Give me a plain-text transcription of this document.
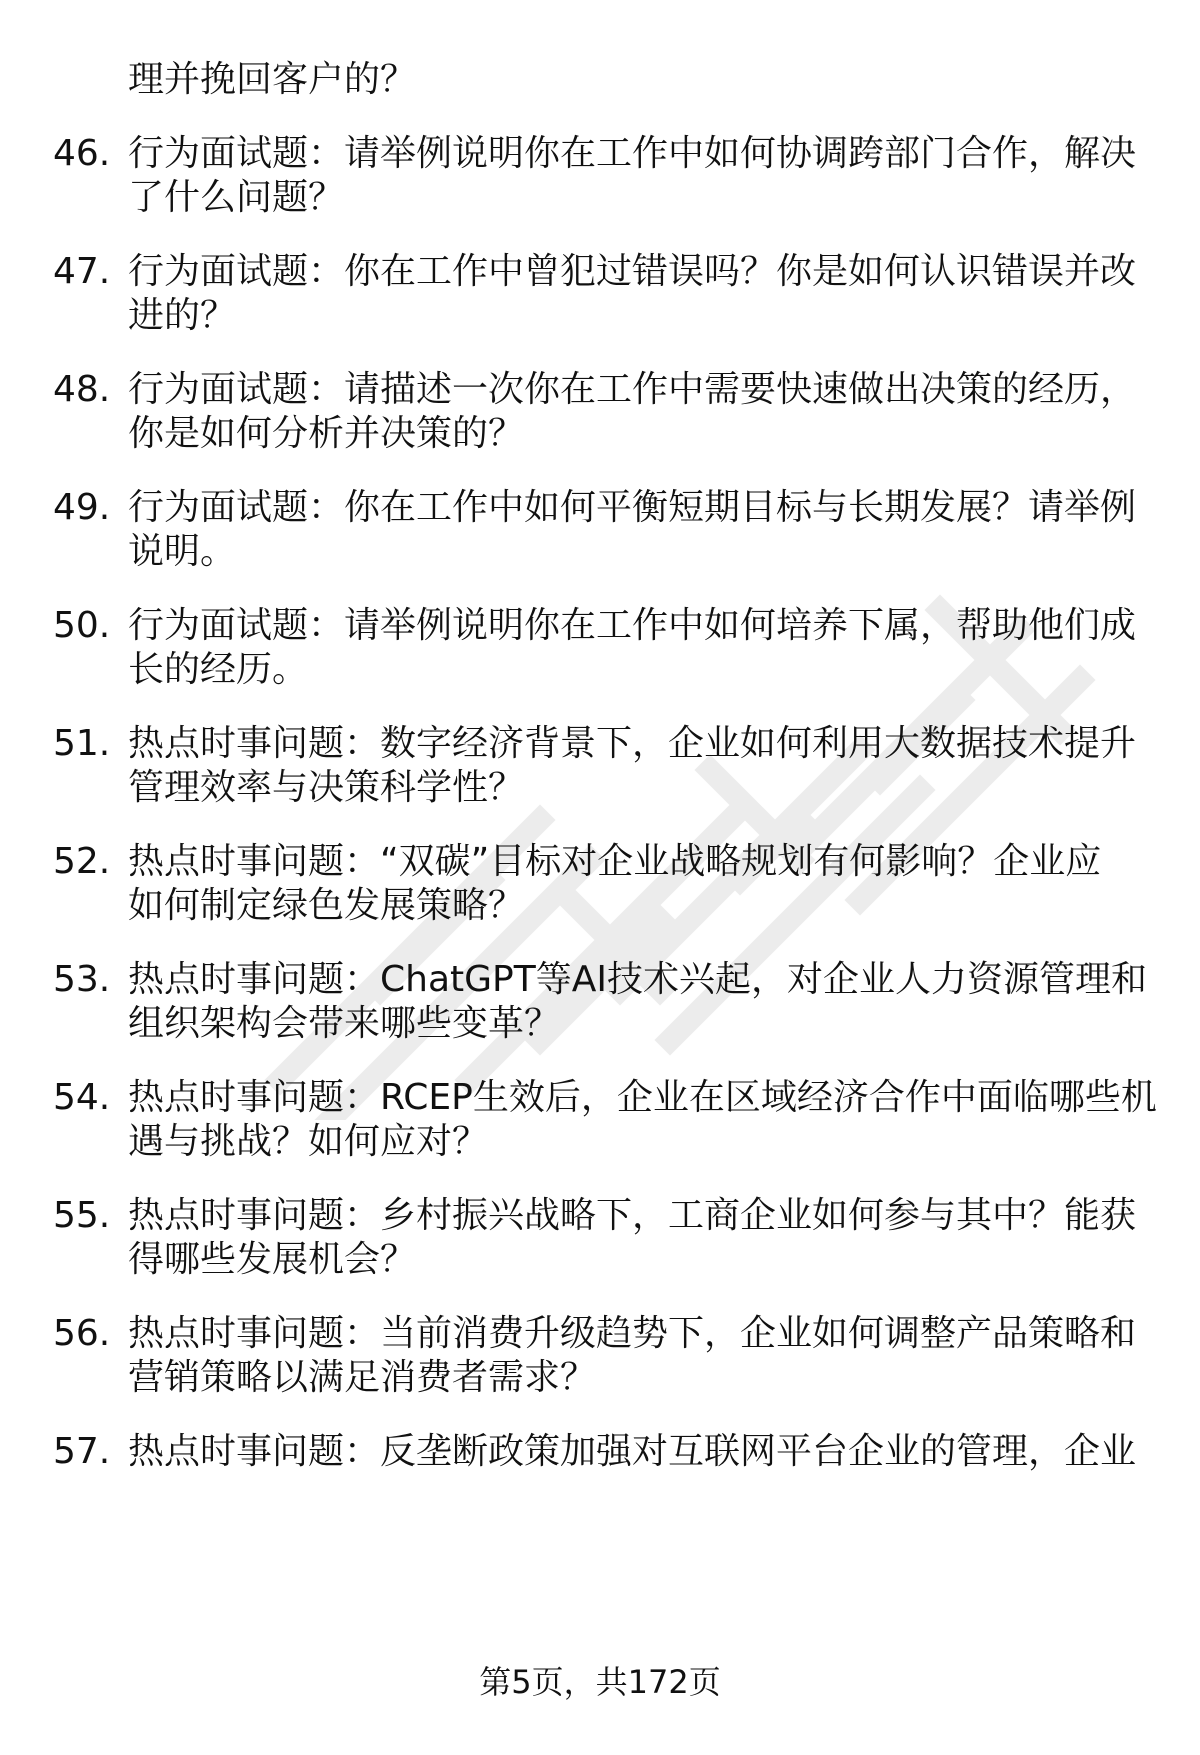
理并挽回客户的？
46. 行为面试题：请举例说明你在工作中如何协调跨部门合作，解决
了什么问题？
47. 行为面试题：你在工作中曾犯过错误吗？你是如何认识错误并改
进的？
48. 行为面试题：请描述一次你在工作中需要快速做出决策的经历，
你是如何分析并决策的？
49. 行为面试题：你在工作中如何平衡短期目标与长期发展？请举例
说明。
50. 行为面试题：请举例说明你在工作中如何培养下属，帮助他们成
长的经历。
51. 热点时事问题：数字经济背景下，企业如何利用大数据技术提升
管理效率与决策科学性？
52. 热点时事问题：“双碳”目标对企业战略规划有何影响？企业应
如何制定绿色发展策略？
53. 热点时事问题：ChatGPT等AI技术兴起，对企业人力资源管理和
组织架构会带来哪些变革？
54. 热点时事问题：RCEP生效后，企业在区域经济合作中面临哪些机
遇与挑战？如何应对？
55. 热点时事问题：乡村振兴战略下，工商企业如何参与其中？能获
得哪些发展机会？
56. 热点时事问题：当前消费升级趋势下，企业如何调整产品策略和
营销策略以满足消费者需求？
57. 热点时事问题：反垄断政策加强对互联网平台企业的管理，企业
第5页，共172页
